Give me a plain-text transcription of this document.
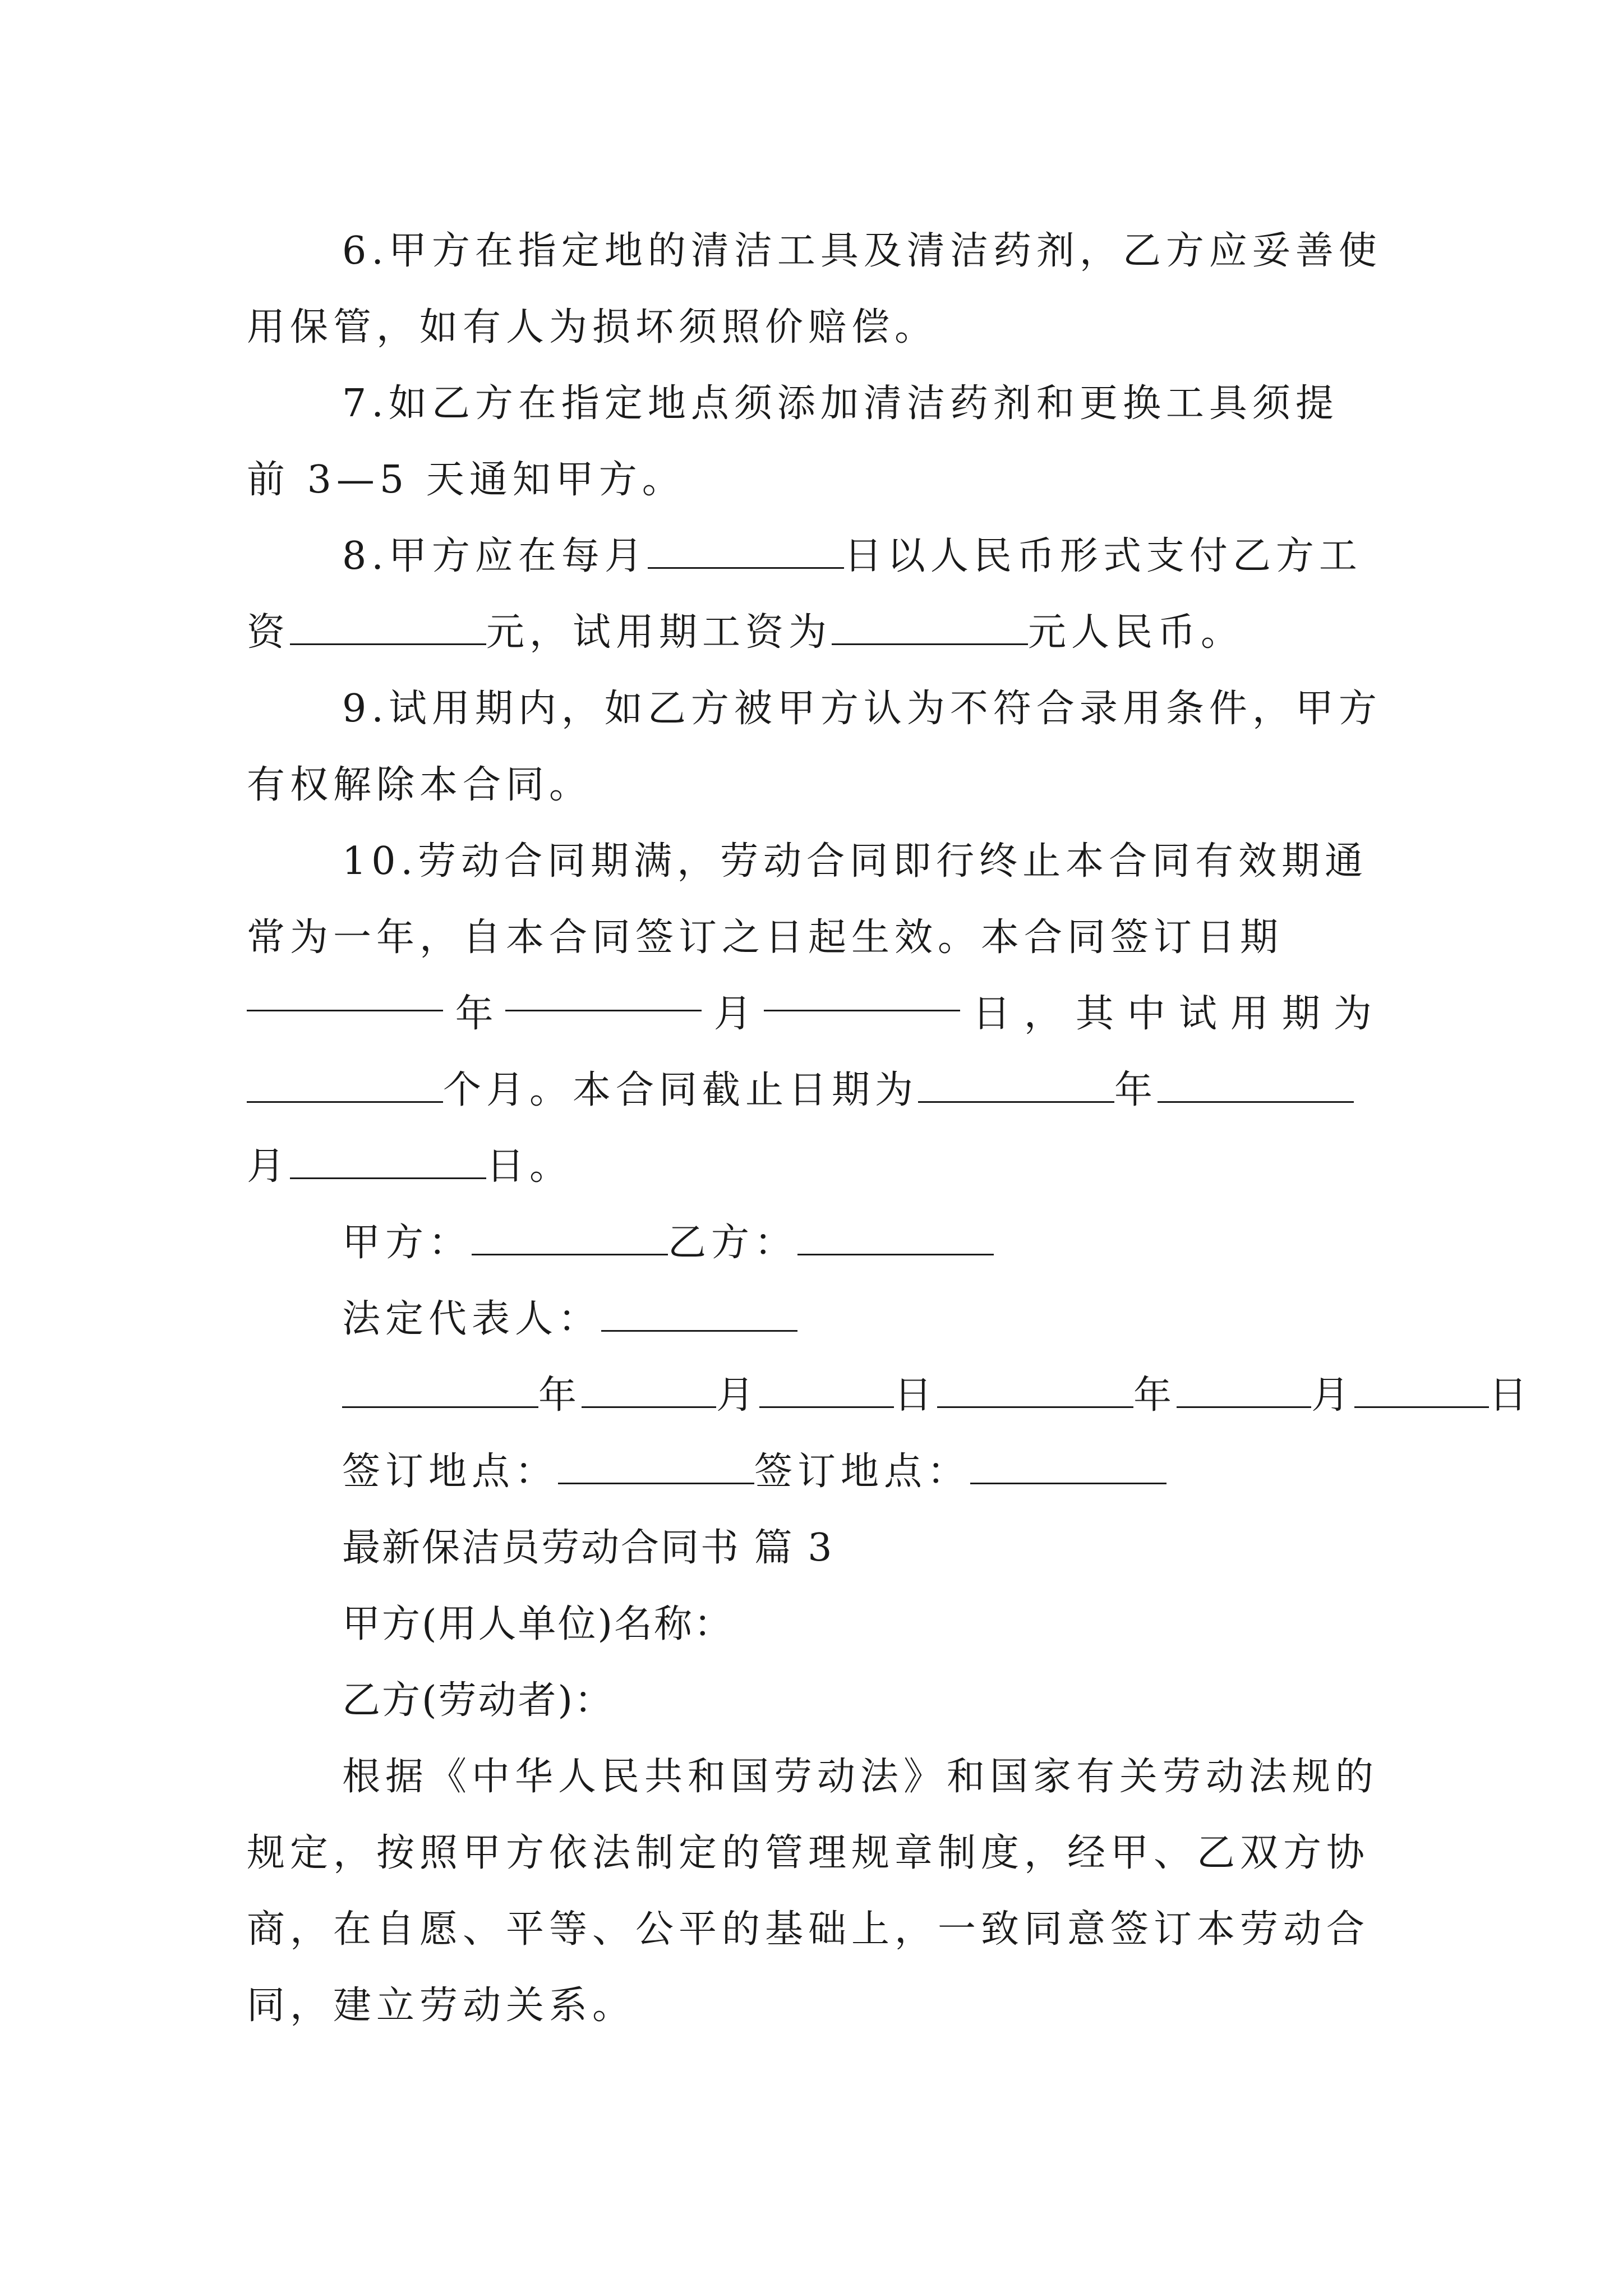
6.甲方在指定地的清洁工具及清洁药剂，乙方应妥善使
用保管，如有人为损坏须照价赔偿。
7.如乙方在指定地点须添加清洁药剂和更换工具须提
前 3—5 天通知甲方。
8.甲方应在每月	日以人民币形式支付乙方工
资	元，试用期工资为	元人民币。
9.试用期内，如乙方被甲方认为不符合录用条件，甲方
有权解除本合同。
10.劳动合同期满，劳动合同即行终止本合同有效期通
常为一年，自本合同签订之日起生效。本合同签订日期
年	月	日，其中试用期为
个月。本合同截止日期为	年
月	日。
甲方：	乙方：
法定代表人：
年	月	日	年	月	日
签订地点：	签订地点：
最新保洁员劳动合同书 篇 3
甲方(用人单位)名称：
乙方(劳动者)：
根据《中华人民共和国劳动法》和国家有关劳动法规的
规定，按照甲方依法制定的管理规章制度，经甲、乙双方协
商，在自愿、平等、公平的基础上，一致同意签订本劳动合
同，建立劳动关系。
